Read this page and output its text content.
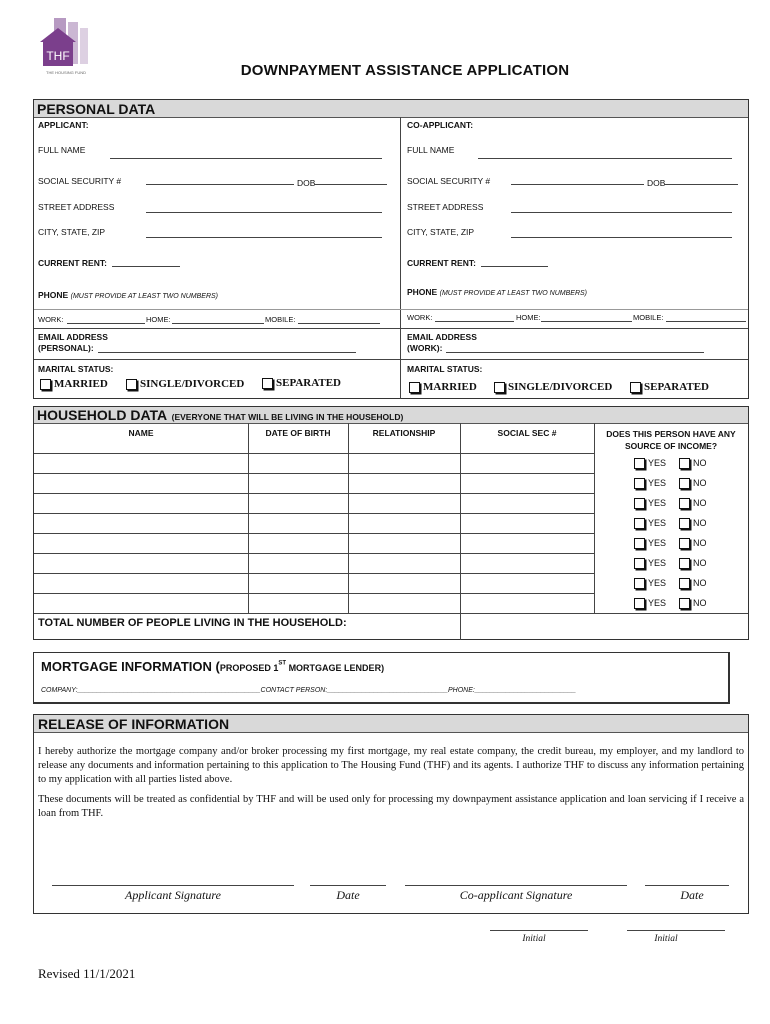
THF
THE HOUSING FUND	DOWNPAYMENT ASSISTANCE APPLICATION
PERSONAL DATA
APPLICANT:	CO-APPLICANT:
FULL NAME	FULL NAME
SOCIAL SECURITY #	DOB	SOCIAL SECURITY #	DOB
STREET ADDRESS	STREET ADDRESS
CITY, STATE, ZIP	CITY, STATE, ZIP
CURRENT RENT:	CURRENT RENT:
PHONE (MUST PROVIDE AT LEAST TWO NUMBERS)	PHONE (MUST PROVIDE AT LEAST TWO NUMBERS)
WORK:	HOME:	MOBILE:	WORK:	HOME:	MOBILE:
EMAIL ADDRESS
(PERSONAL):
EMAIL ADDRESS
(WORK):
MARITAL STATUS:	MARITAL STATUS:
MARRIED	SINGLE/DIVORCED	SEPARATED	MARRIED	SINGLE/DIVORCED	SEPARATED
HOUSEHOLD DATA (EVERYONE THAT WILL BE LIVING IN THE HOUSEHOLD)
NAME	DATE OF BIRTH	RELATIONSHIP	SOCIAL SEC #	DOES THIS PERSON HAVE ANY SOURCE OF INCOME?
YES	NO
YES	NO
YES	NO
YES	NO
YES	NO
YES	NO
YES	NO
YES	NO
TOTAL NUMBER OF PEOPLE LIVING IN THE HOUSEHOLD:
MORTGAGE INFORMATION (PROPOSED 1ST MORTGAGE LENDER)
COMPANY:_______________________________________________CONTACT PERSON:_______________________________PHONE:__________________________
RELEASE OF INFORMATION
I hereby authorize the mortgage company and/or broker processing my first mortgage, my real estate company, the credit bureau, my employer, and my landlord to release any documents and information pertaining to this application to The Housing Fund (THF) and its agents. I authorize THF to discuss any information pertaining to my application with all parties listed above.
These documents will be treated as confidential by THF and will be used only for processing my downpayment assistance application and loan servicing if I receive a loan from THF.
Applicant Signature	Date	Co-applicant Signature	Date
Initial	Initial
Revised 11/1/2021
